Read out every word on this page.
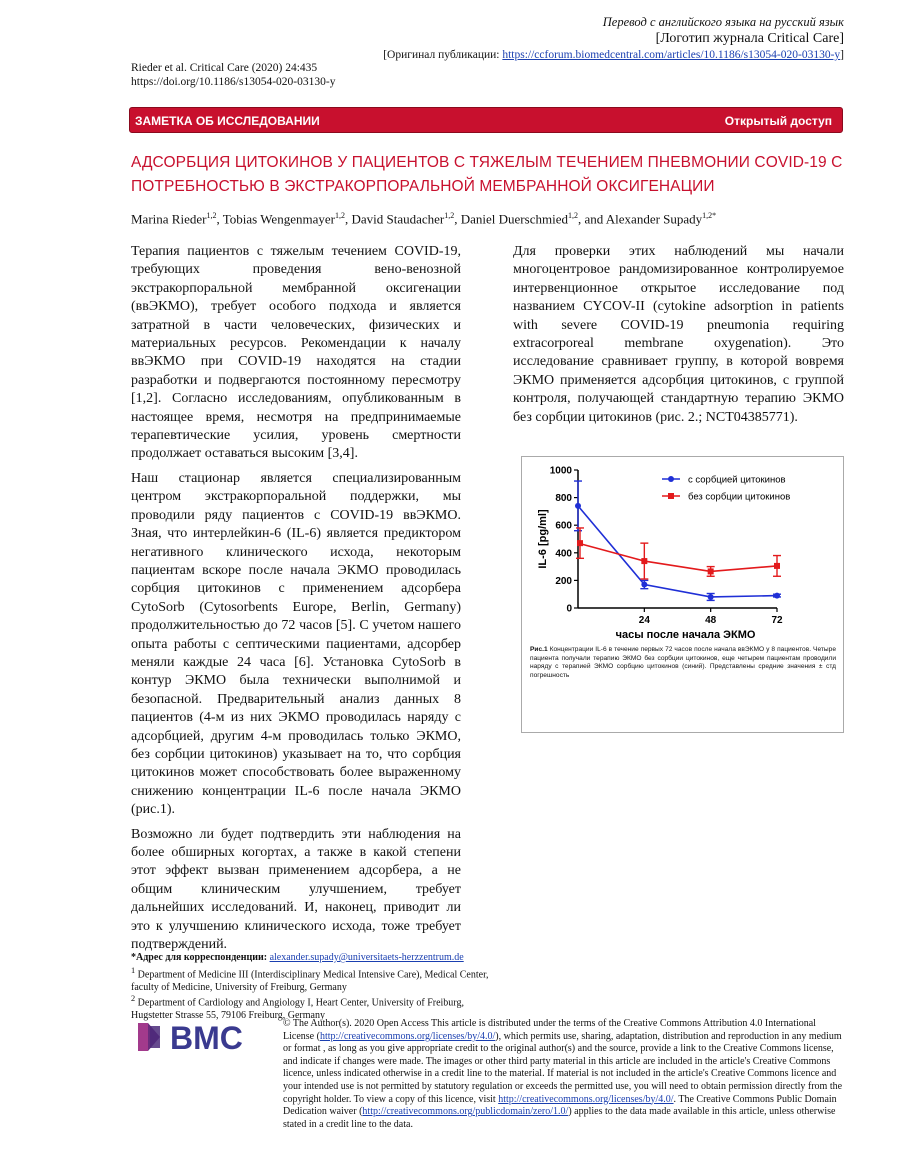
Перевод с английского языка на русский язык
[Логотип журнала Critical Care]
[Оригинал публикации: https://ccforum.biomedcentral.com/articles/10.1186/s13054-020-03130-y]
Rieder et al. Critical Care (2020) 24:435
https://doi.org/10.1186/s13054-020-03130-y
ЗАМЕТКА ОБ ИССЛЕДОВАНИИ	Открытый доступ
АДСОРБЦИЯ ЦИТОКИНОВ У ПАЦИЕНТОВ С ТЯЖЕЛЫМ ТЕЧЕНИЕМ ПНЕВМОНИИ COVID-19 С ПОТРЕБНОСТЬЮ В ЭКСТРАКОРПОРАЛЬНОЙ МЕМБРАННОЙ ОКСИГЕНАЦИИ
Marina Rieder$^{1,2}$, Tobias Wengenmayer$^{1,2}$, David Staudacher$^{1,2}$, Daniel Duerschmied$^{1,2}$, and Alexander Supady$^{1,2*}$

Терапия пациентов с тяжелым течением COVID-19, требующих проведения вено-венозной экстракорпоральной мембранной оксигенации (ввЭКМО), требует особого подхода и является затратной в части человеческих, физических и материальных ресурсов. Рекомендации к началу ввЭКМО при COVID-19 находятся на стадии разработки и подвергаются постоянному пересмотру [1,2]. Согласно исследованиям, опубликованным в настоящее время, несмотря на предпринимаемые терапевтические усилия, уровень смертности продолжает оставаться высоким [3,4].

Наш стационар является специализированным центром экстракорпоральной поддержки, мы проводили ряду пациентов с COVID-19 ввЭКМО. Зная, что интерлейкин-6 (IL-6) является предиктором негативного клинического исхода, некоторым пациентам вскоре после начала ЭКМО проводилась сорбция цитокинов с применением адсорбера CytoSorb (Cytosorbents Europe, Berlin, Germany) продолжительностью до 72 часов [5]. С учетом нашего опыта работы с септическими пациентами, адсорбер меняли каждые 24 часа [6]. Установка CytoSorb в контур ЭКМО была технически выполнимой и безопасной. Предварительный анализ данных 8 пациентов (4-м из них ЭКМО проводилась наряду с адсорбцией, другим 4-м проводилась только ЭКМО, без сорбции цитокинов) указывает на то, что сорбция цитокинов может способствовать более выраженному снижению концентрации IL-6 после начала ЭКМО (рис.1).

Возможно ли будет подтвердить эти наблюдения на более обширных когортах, а также в какой степени этот эффект вызван применением адсорбера, а не общим клиническим улучшением, требует дальнейших исследований. И, наконец, приводит ли это к улучшению клинического исхода, тоже требует подтверждений.

Для проверки этих наблюдений мы начали многоцентровое рандомизированное контролируемое интервенционное открытое исследование под названием CYCOV-II (cytokine adsorption in patients with severe COVID-19 pneumonia requiring extracorporeal membrane oxygenation). Это исследование сравнивает группу, в которой вовремя ЭКМО применяется адсорбция цитокинов, с группой контроля, получающей стандартную терапию ЭКМО без сорбции цитокинов (рис. 2.; NCT04385771).

0
200
400
600
800
1000
24	48	72
часы после начала ЭКМО
IL-6 [pg/ml]
с сорбцией цитокинов
без сорбции цитокинов
Рис.1 Концентрации IL-6 в течение первых 72 часов после начала ввЭКМО у 8 пациентов. Четыре пациента получали терапию ЭКМО без сорбции цитокинов, еще четырем пациентам проводили наряду с терапией ЭКМО сорбцию цитокинов (синий). Представлены средние значения ± стд погрешность
*Адрес для корреспонденции: alexander.supady@universitaets-herzzentrum.de
$^1$ Department of Medicine III (Interdisciplinary Medical Intensive Care), Medical Center,
faculty of Medicine, University of Freiburg, Germany
$^2$ Department of Cardiology and Angiology I, Heart Center, University of Freiburg,
Hugstetter Strasse 55, 79106 Freiburg, Germany
BMC	© The Author(s). 2020 Open Access This article is distributed under the terms of the Creative Commons Attribution 4.0 International License (http://creativecommons.org/licenses/by/4.0/), which permits use, sharing, adaptation, distribution and reproduction in any medium or format , as long as you give appropriate credit to the original author(s) and the source, provide a link to the Creative Commons license, and indicate if changes were made. The images or other third party material in this article are included in the article's Creative Commons
licence, unless indicated otherwise in a credit line to the material. If material is not included in the article's Creative Commons licence and your intended use is not permitted by statutory regulation or exceeds the permitted use, you will need to obtain permission directly from the copyright holder. To view a copy of this licence, visit http://creativecommons.org/licenses/by/4.0/. The Creative Commons Public Domain Dedication waiver (http://creativecommons.org/publicdomain/zero/1.0/) applies to the data made available in this article, unless otherwise stated in a credit line to the data.
